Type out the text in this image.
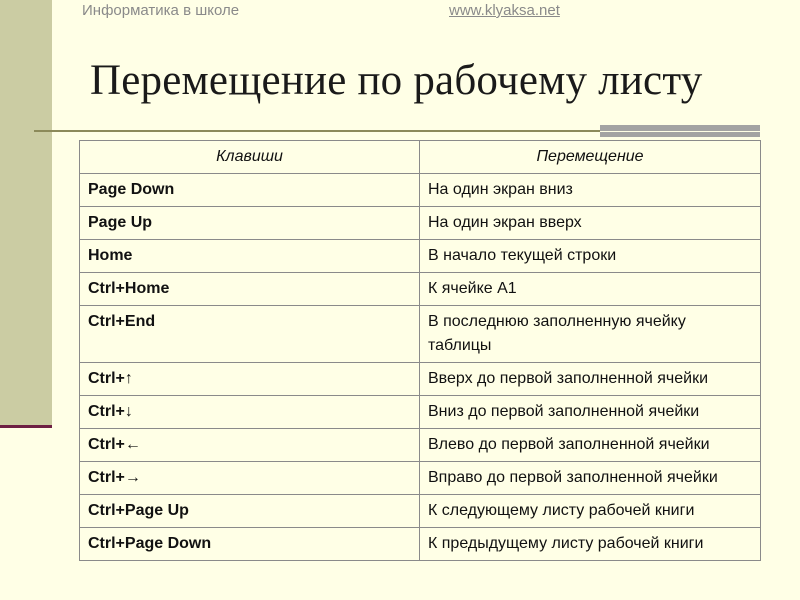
Информатика в школе	www.klyaksa.net
Перемещение по рабочему листу
Клавиши	Перемещение
Page Down	На один экран вниз
Page Up	На один экран вверх
Home	В начало текущей строки
Ctrl+Home	К ячейке А1
Ctrl+End	В последнюю заполненную ячейку таблицы
Ctrl+↑	Вверх до первой заполненной ячейки
Ctrl+↓	Вниз до первой заполненной ячейки
Ctrl+←	Влево до первой заполненной ячейки
Ctrl+→	Вправо до первой заполненной ячейки
Ctrl+Page Up	К следующему листу рабочей книги
Ctrl+Page Down	К предыдущему листу рабочей книги
